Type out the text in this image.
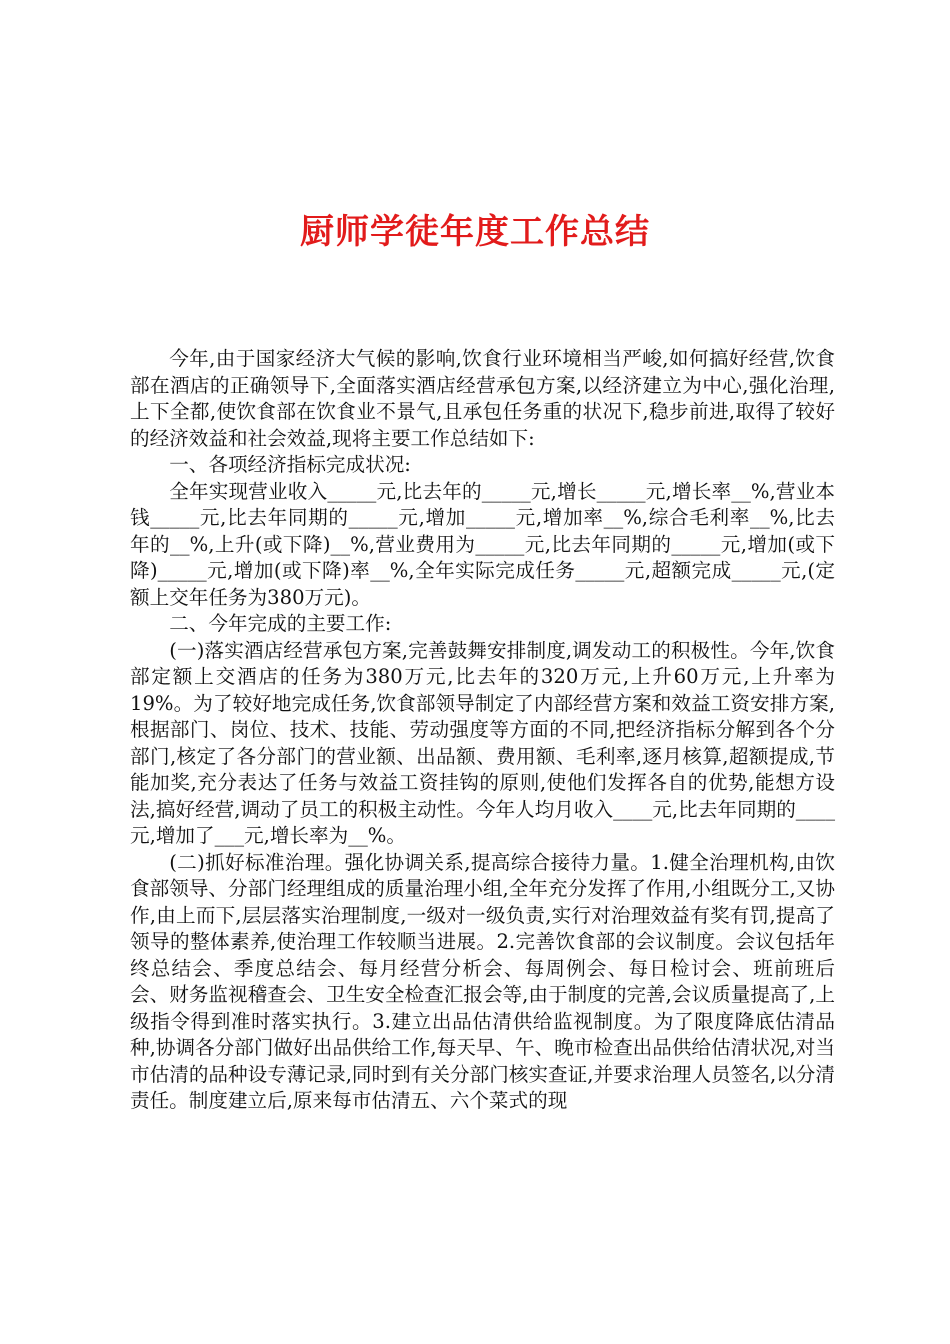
厨师学徒年度工作总结

今年,由于国家经济大气候的影响,饮食行业环境相当严峻,如何搞好经营,饮食部在酒店的正确领导下,全面落实酒店经营承包方案,以经济建立为中心,强化治理,上下全都,使饮食部在饮食业不景气,且承包任务重的状况下,稳步前进,取得了较好的经济效益和社会效益,现将主要工作总结如下:

一、各项经济指标完成状况:

全年实现营业收入_____元,比去年的_____元,增长_____元,增长率__%,营业本钱_____元,比去年同期的_____元,增加_____元,增加率__%,综合毛利率__%,比去年的__%,上升(或下降)__%,营业费用为_____元,比去年同期的_____元,增加(或下降)_____元,增加(或下降)率__%,全年实际完成任务_____元,超额完成_____元,(定额上交年任务为380万元)。

二、今年完成的主要工作:

(一)落实酒店经营承包方案,完善鼓舞安排制度,调发动工的积极性。今年,饮食部定额上交酒店的任务为380万元,比去年的320万元,上升60万元,上升率为19%。为了较好地完成任务,饮食部领导制定了内部经营方案和效益工资安排方案,根据部门、岗位、技术、技能、劳动强度等方面的不同,把经济指标分解到各个分部门,核定了各分部门的营业额、出品额、费用额、毛利率,逐月核算,超额提成,节能加奖,充分表达了任务与效益工资挂钩的原则,使他们发挥各自的优势,能想方设法,搞好经营,调动了员工的积极主动性。今年人均月收入____元,比去年同期的____元,增加了___元,增长率为__%。

(二)抓好标准治理。强化协调关系,提高综合接待力量。1.健全治理机构,由饮食部领导、分部门经理组成的质量治理小组,全年充分发挥了作用,小组既分工,又协作,由上而下,层层落实治理制度,一级对一级负责,实行对治理效益有奖有罚,提高了领导的整体素养,使治理工作较顺当进展。2.完善饮食部的会议制度。会议包括年终总结会、季度总结会、每月经营分析会、每周例会、每日检讨会、班前班后会、财务监视稽查会、卫生安全检查汇报会等,由于制度的完善,会议质量提高了,上级指令得到准时落实执行。3.建立出品估清供给监视制度。为了限度降底估清品种,协调各分部门做好出品供给工作,每天早、午、晚市检查出品供给估清状况,对当市估清的品种设专薄记录,同时到有关分部门核实查证,并要求治理人员签名,以分清责任。制度建立后,原来每市估清五、六个菜式的现
